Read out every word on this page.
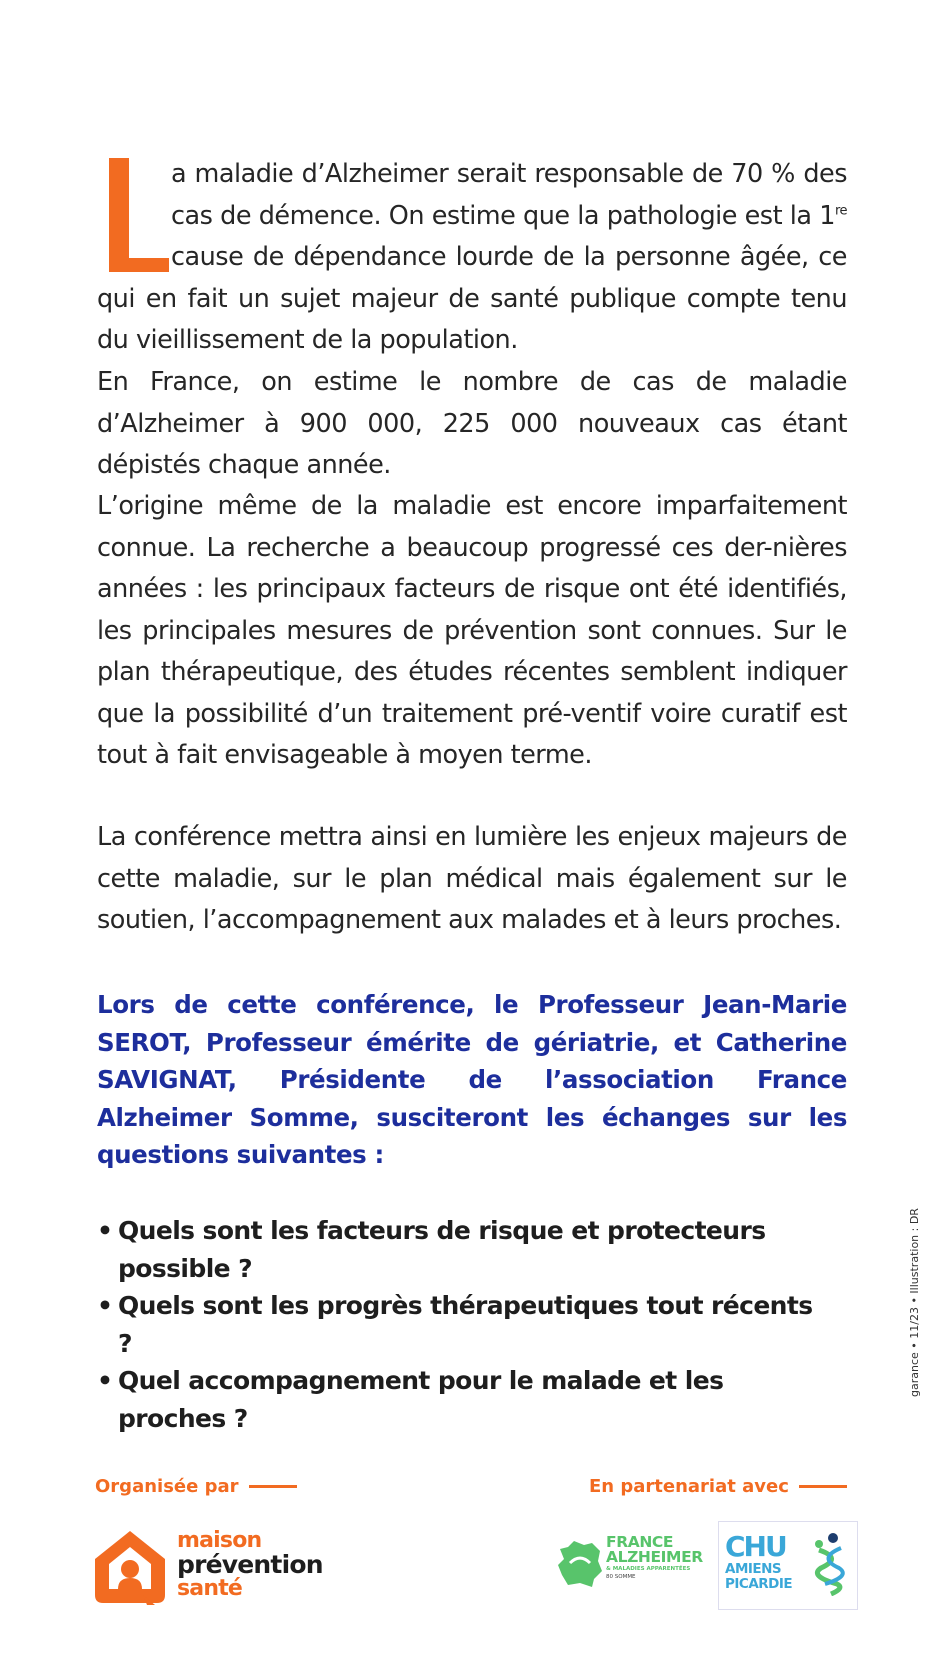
a maladie d’Alzheimer serait responsable de 70 % des cas de démence. On estime que la pathologie est la 1re cause de dépendance lourde de la personne âgée, ce qui en fait un sujet majeur de santé publique compte tenu du vieillissement de la population.
En France, on estime le nombre de cas de maladie d’Alzheimer à 900 000, 225 000 nouveaux cas étant dépistés chaque année.
L’origine même de la maladie est encore imparfaitement connue. La recherche a beaucoup progressé ces der-nières années : les principaux facteurs de risque ont été identifiés, les principales mesures de prévention sont connues. Sur le plan thérapeutique, des études récentes semblent indiquer que la possibilité d’un traitement pré-ventif voire curatif est tout à fait envisageable à moyen terme.
La conférence mettra ainsi en lumière les enjeux majeurs de cette maladie, sur le plan médical mais également sur le soutien, l’accompagnement aux malades et à leurs proches.
Lors de cette conférence, le Professeur Jean-Marie SEROT, Professeur émérite de gériatrie, et Catherine SAVIGNAT, Présidente de l’association France Alzheimer Somme, susciteront les échanges sur les questions suivantes :
• Quels sont les facteurs de risque et protecteurs possible ?
• Quels sont les progrès thérapeutiques tout récents ?
• Quel accompagnement pour le malade et les proches ?
garance • 11/23 • Illustration : DR
Organisée par	En partenariat avec
maison
prévention
santé
FRANCE
ALZHEIMER
& MALADIES APPARENTÉES
80 SOMME
CHU
AMIENS
PICARDIE
